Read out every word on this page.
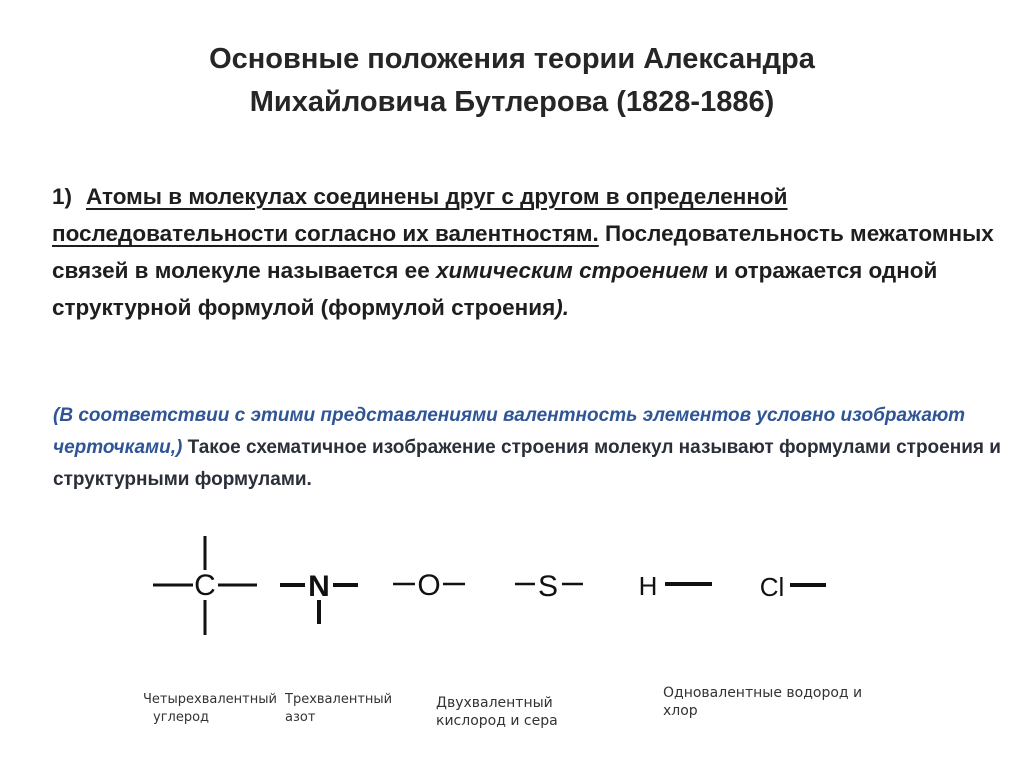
Основные положения теории Александра
Михайловича Бутлерова (1828-1886)

1) Атомы в молекулах соединены друг с другом в определенной последовательности согласно их валентностям. Последовательность межатомных связей в молекуле называется ее химическим строением и отражается одной структурной формулой (формулой строения).

(В соответствии с этими представлениями валентность элементов условно изображают черточками,) Такое схематичное изображение строения молекул называют формулами строения и структурными формулами.

C	N	O	S	H	Cl

Четырехвалентный
углерод

Трехвалентный
азот

Двухвалентный
кислород и сера

Одновалентные водород и
хлор
